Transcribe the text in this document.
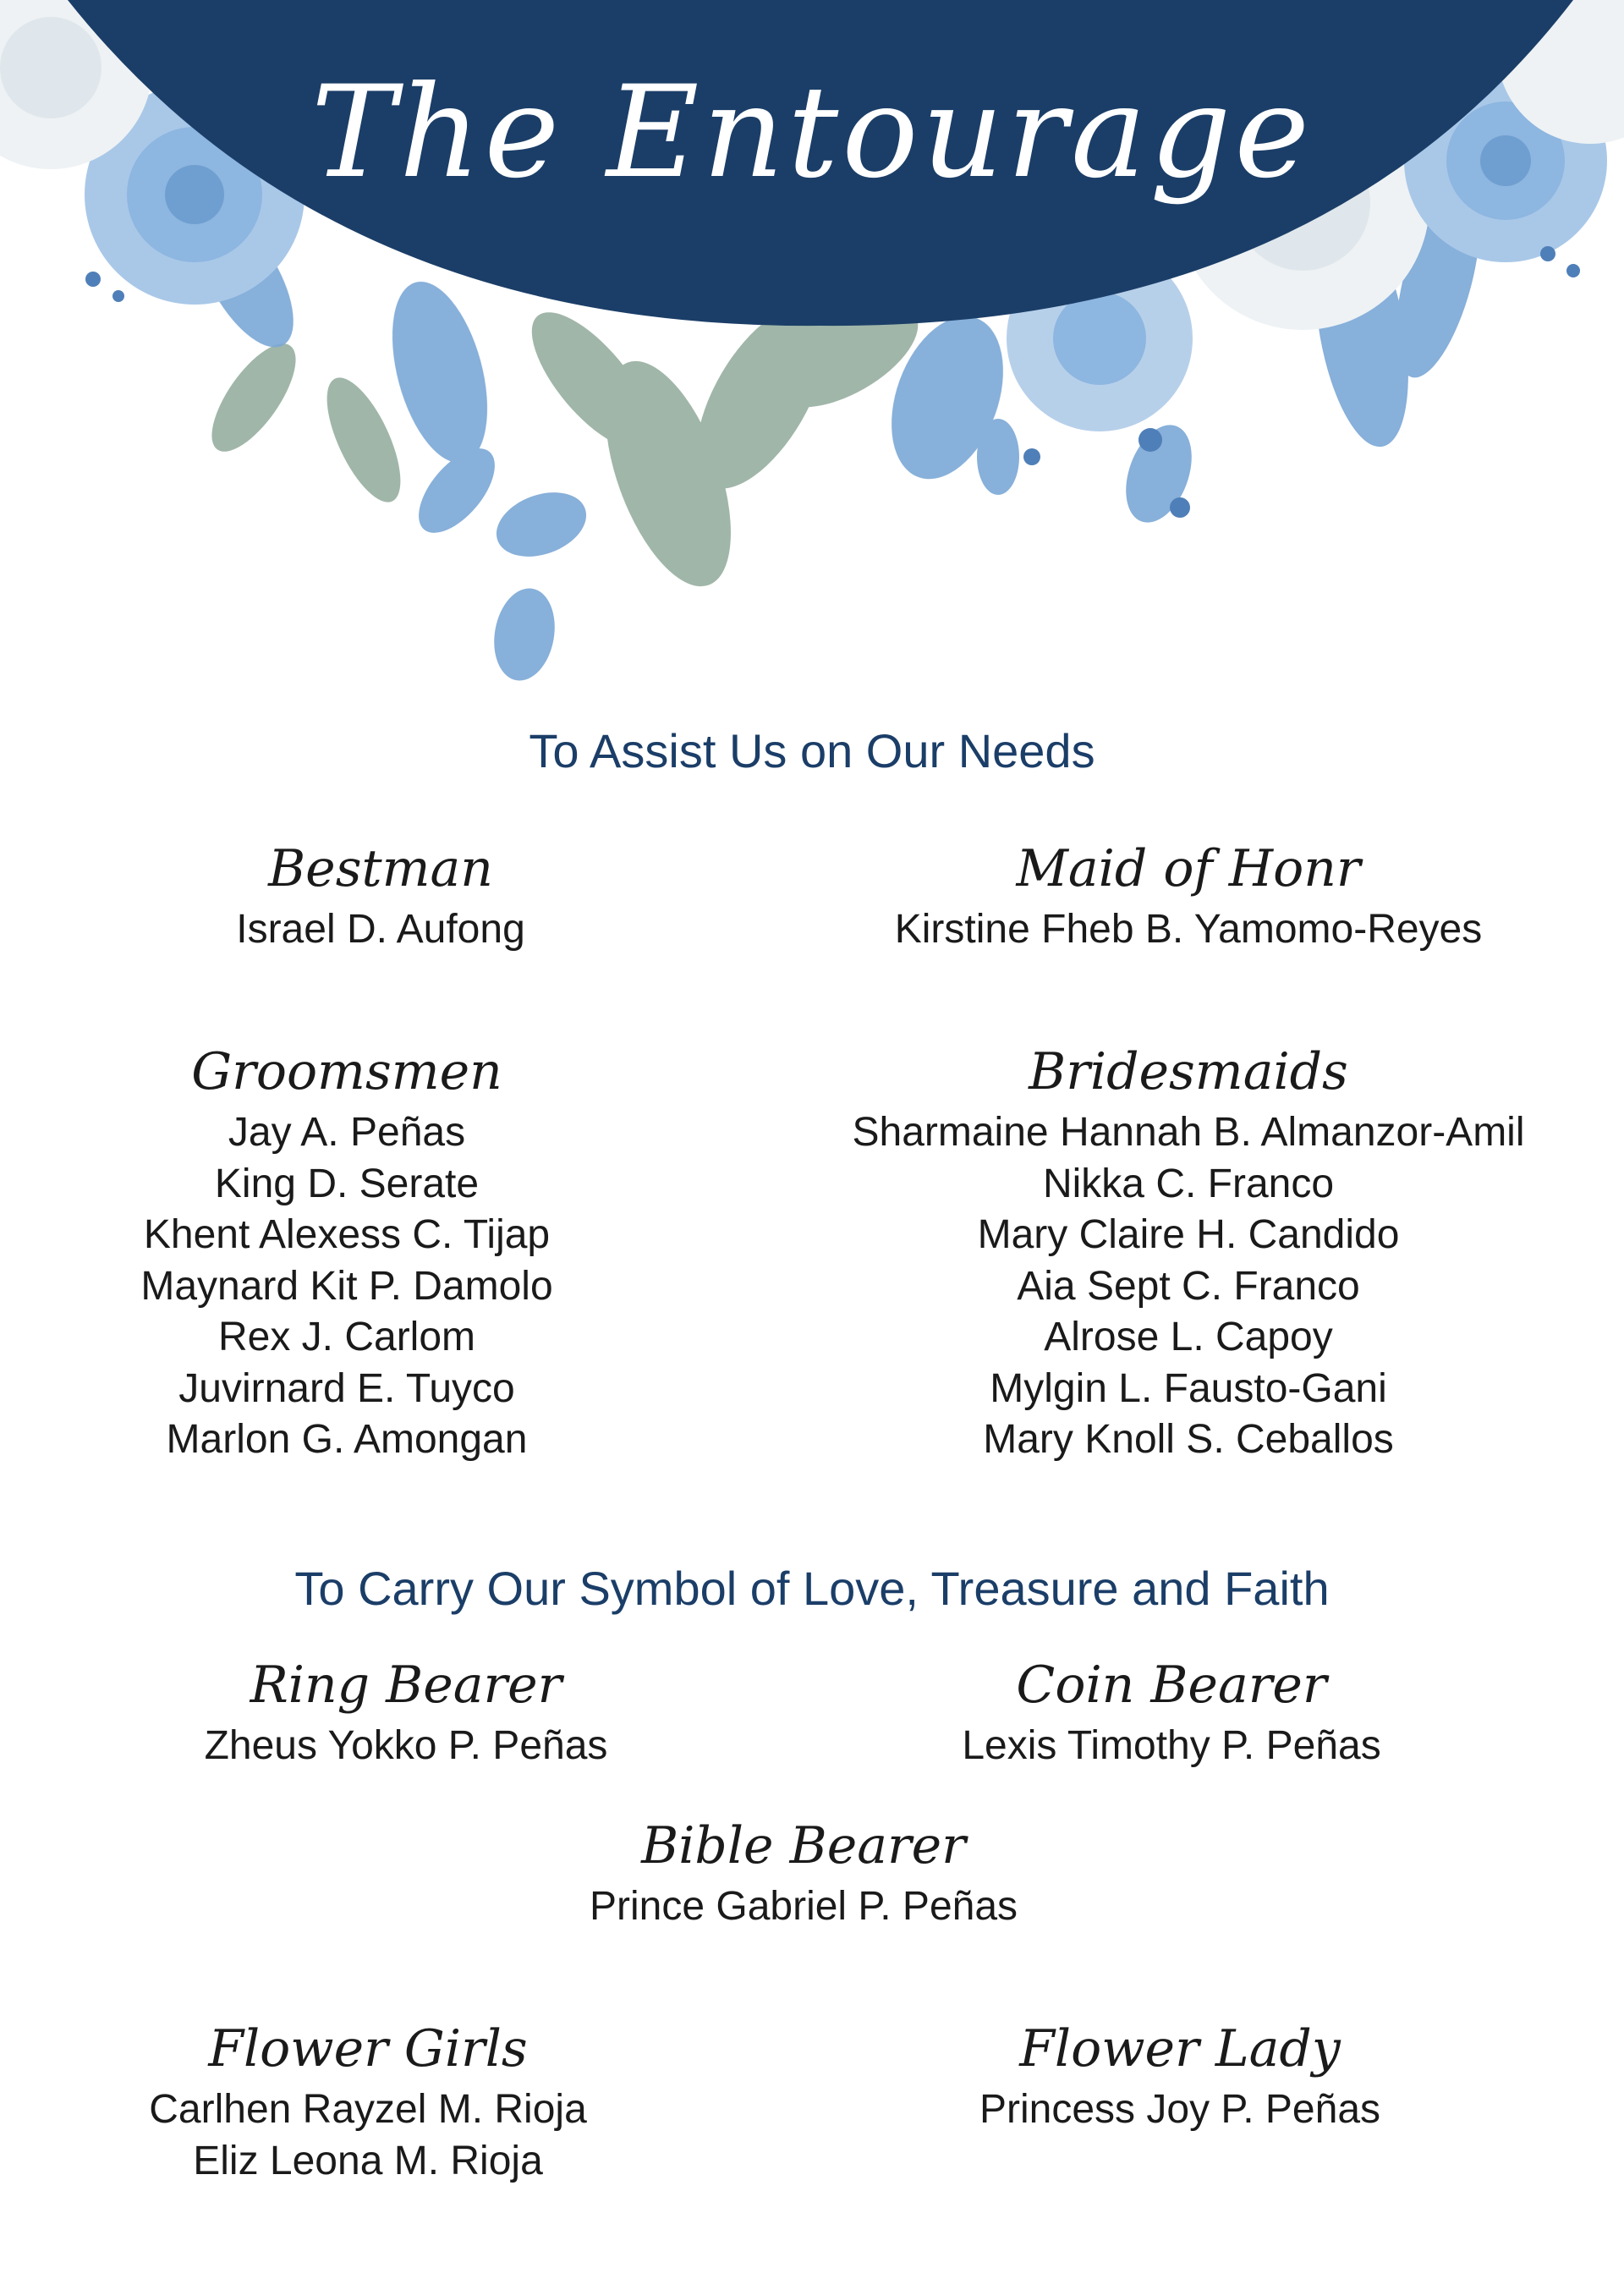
The Entourage
To Assist Us on Our Needs
Bestman
Israel D. Aufong
Maid of Honr
Kirstine Fheb B. Yamomo-Reyes
Groomsmen
Jay A. Peñas
King D. Serate
Khent Alexess C. Tijap
Maynard Kit P. Damolo
Rex J. Carlom
Juvirnard E. Tuyco
Marlon G. Amongan
Bridesmaids
Sharmaine Hannah B. Almanzor-Amil
Nikka C. Franco
Mary Claire H. Candido
Aia Sept C. Franco
Alrose L. Capoy
Mylgin L. Fausto-Gani
Mary Knoll S. Ceballos
To Carry Our Symbol of Love, Treasure and Faith
Ring Bearer
Zheus Yokko P. Peñas
Coin Bearer
Lexis Timothy P. Peñas
Bible Bearer
Prince Gabriel P. Peñas
Flower Girls
Carlhen Rayzel M. Rioja
Eliz Leona M. Rioja
Flower Lady
Princess Joy P. Peñas
